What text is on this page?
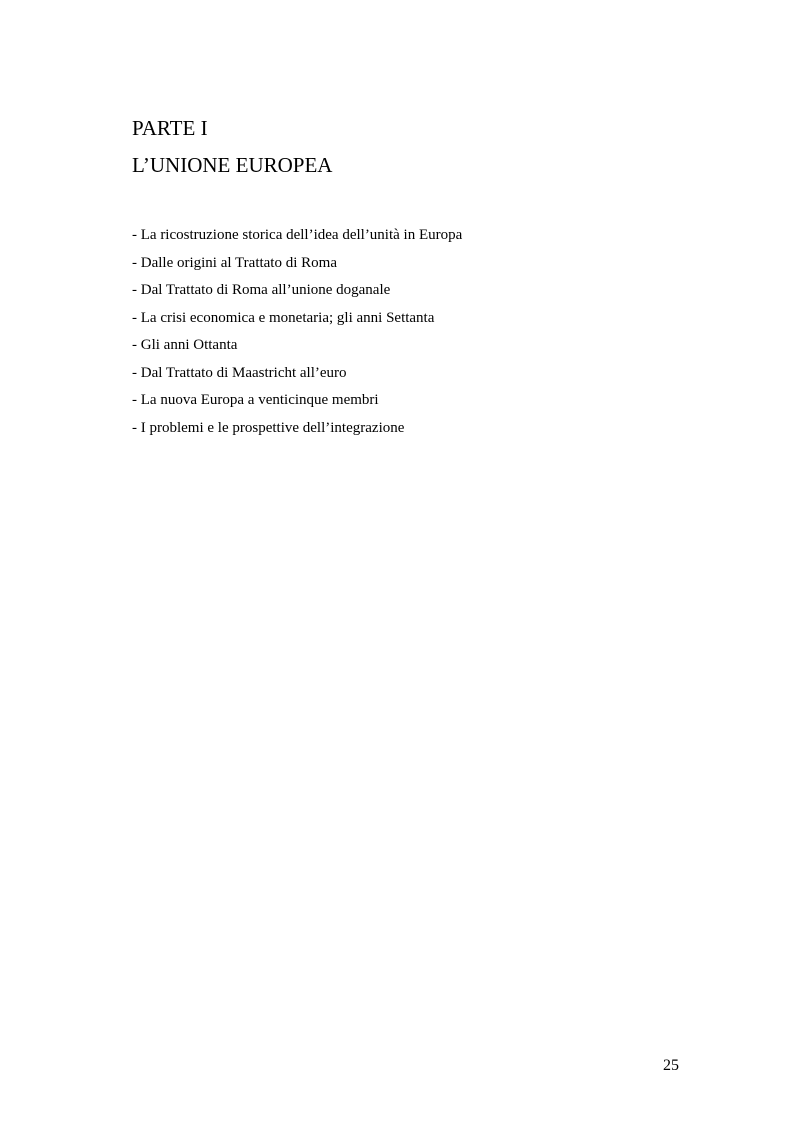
PARTE I
L’UNIONE EUROPEA
- La ricostruzione storica dell’idea dell’unità in Europa
- Dalle origini al Trattato di Roma
- Dal Trattato di Roma all’unione doganale
- La crisi economica e monetaria; gli anni Settanta
- Gli anni Ottanta
- Dal Trattato di Maastricht all’euro
- La nuova Europa a venticinque membri
- I problemi e le prospettive dell’integrazione
25
